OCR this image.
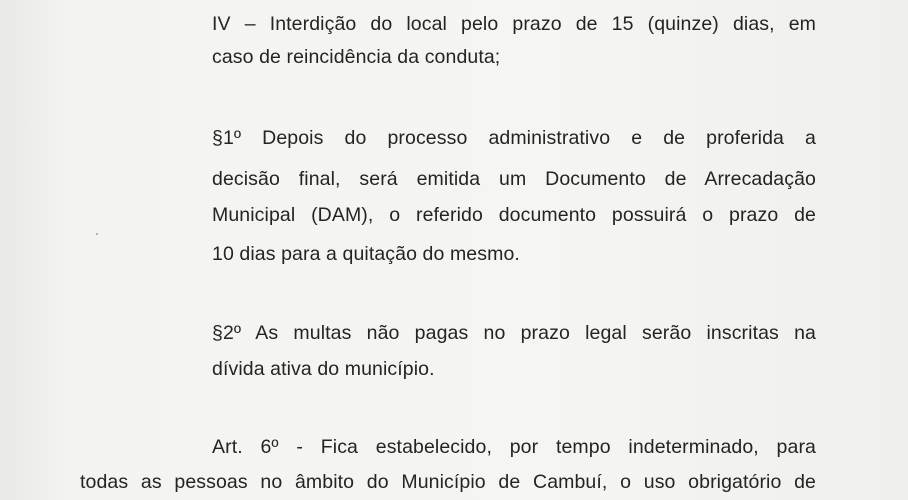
IV – Interdição do local pelo prazo de 15 (quinze) dias, em
caso de reincidência da conduta;
§1º Depois do processo administrativo e de proferida a
decisão final, será emitida um Documento de Arrecadação
Municipal (DAM), o referido documento possuirá o prazo de
10 dias para a quitação do mesmo.
§2º As multas não pagas no prazo legal serão inscritas na
dívida ativa do município.
Art. 6º - Fica estabelecido, por tempo indeterminado, para
todas as pessoas no âmbito do Município de Cambuí, o uso obrigatório de
